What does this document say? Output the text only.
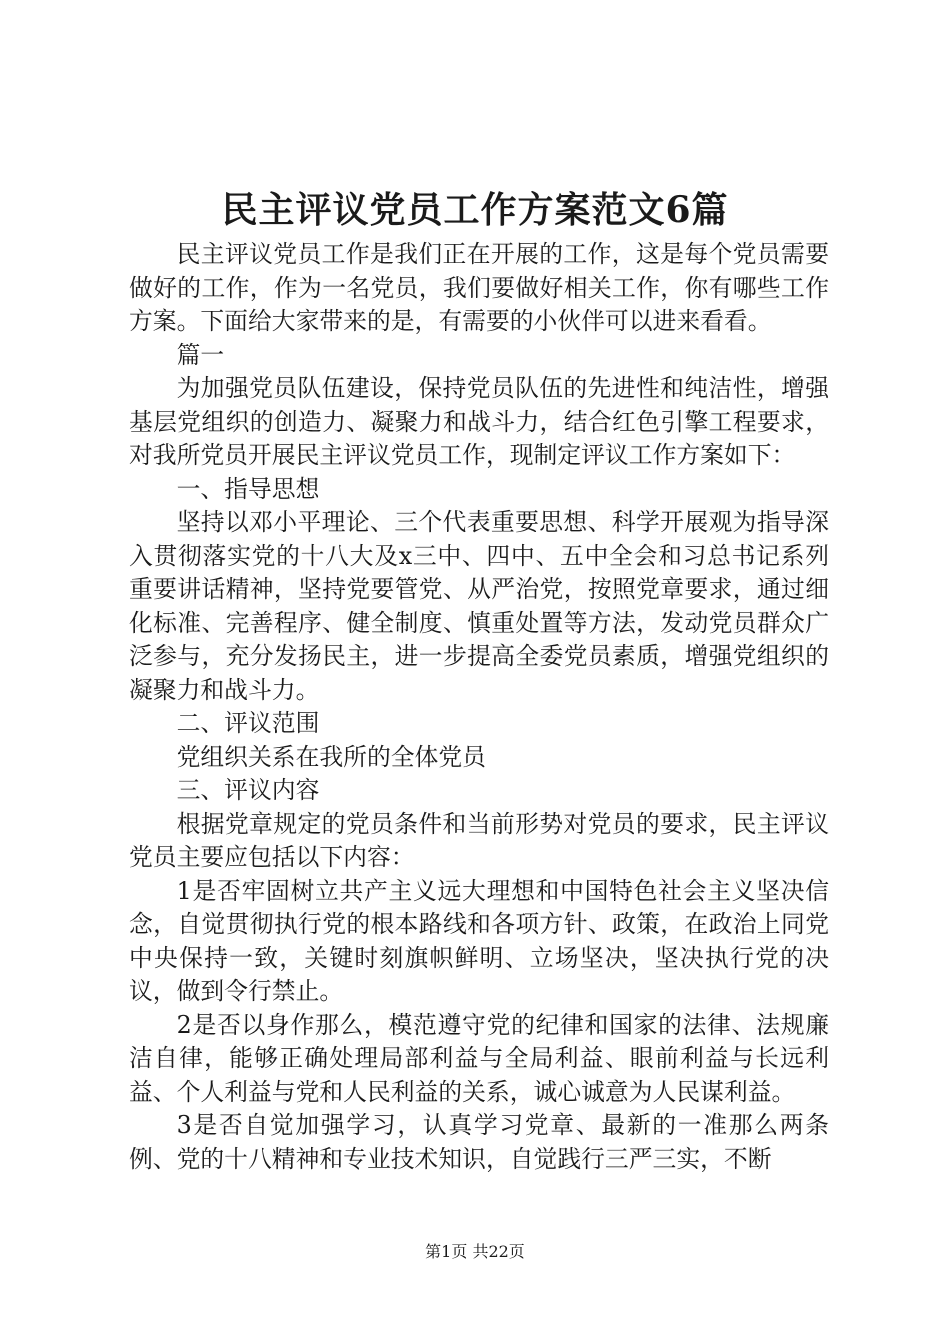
民主评议党员工作方案范文6篇

民主评议党员工作是我们正在开展的工作，这是每个党员需要做好的工作，作为一名党员，我们要做好相关工作，你有哪些工作方案。下面给大家带来的是，有需要的小伙伴可以进来看看。

篇一

为加强党员队伍建设，保持党员队伍的先进性和纯洁性，增强基层党组织的创造力、凝聚力和战斗力，结合红色引擎工程要求，对我所党员开展民主评议党员工作，现制定评议工作方案如下：

一、指导思想

坚持以邓小平理论、三个代表重要思想、科学开展观为指导深入贯彻落实党的十八大及x三中、四中、五中全会和习总书记系列重要讲话精神，坚持党要管党、从严治党，按照党章要求，通过细化标准、完善程序、健全制度、慎重处置等方法，发动党员群众广泛参与，充分发扬民主，进一步提高全委党员素质，增强党组织的凝聚力和战斗力。

二、评议范围

党组织关系在我所的全体党员

三、评议内容

根据党章规定的党员条件和当前形势对党员的要求，民主评议党员主要应包括以下内容：

1是否牢固树立共产主义远大理想和中国特色社会主义坚决信念，自觉贯彻执行党的根本路线和各项方针、政策，在政治上同党中央保持一致，关键时刻旗帜鲜明、立场坚决，坚决执行党的决议，做到令行禁止。

2是否以身作那么，模范遵守党的纪律和国家的法律、法规廉洁自律，能够正确处理局部利益与全局利益、眼前利益与长远利益、个人利益与党和人民利益的关系，诚心诚意为人民谋利益。

3是否自觉加强学习，认真学习党章、最新的一准那么两条例、党的十八精神和专业技术知识，自觉践行三严三实，不断

第1页 共22页
